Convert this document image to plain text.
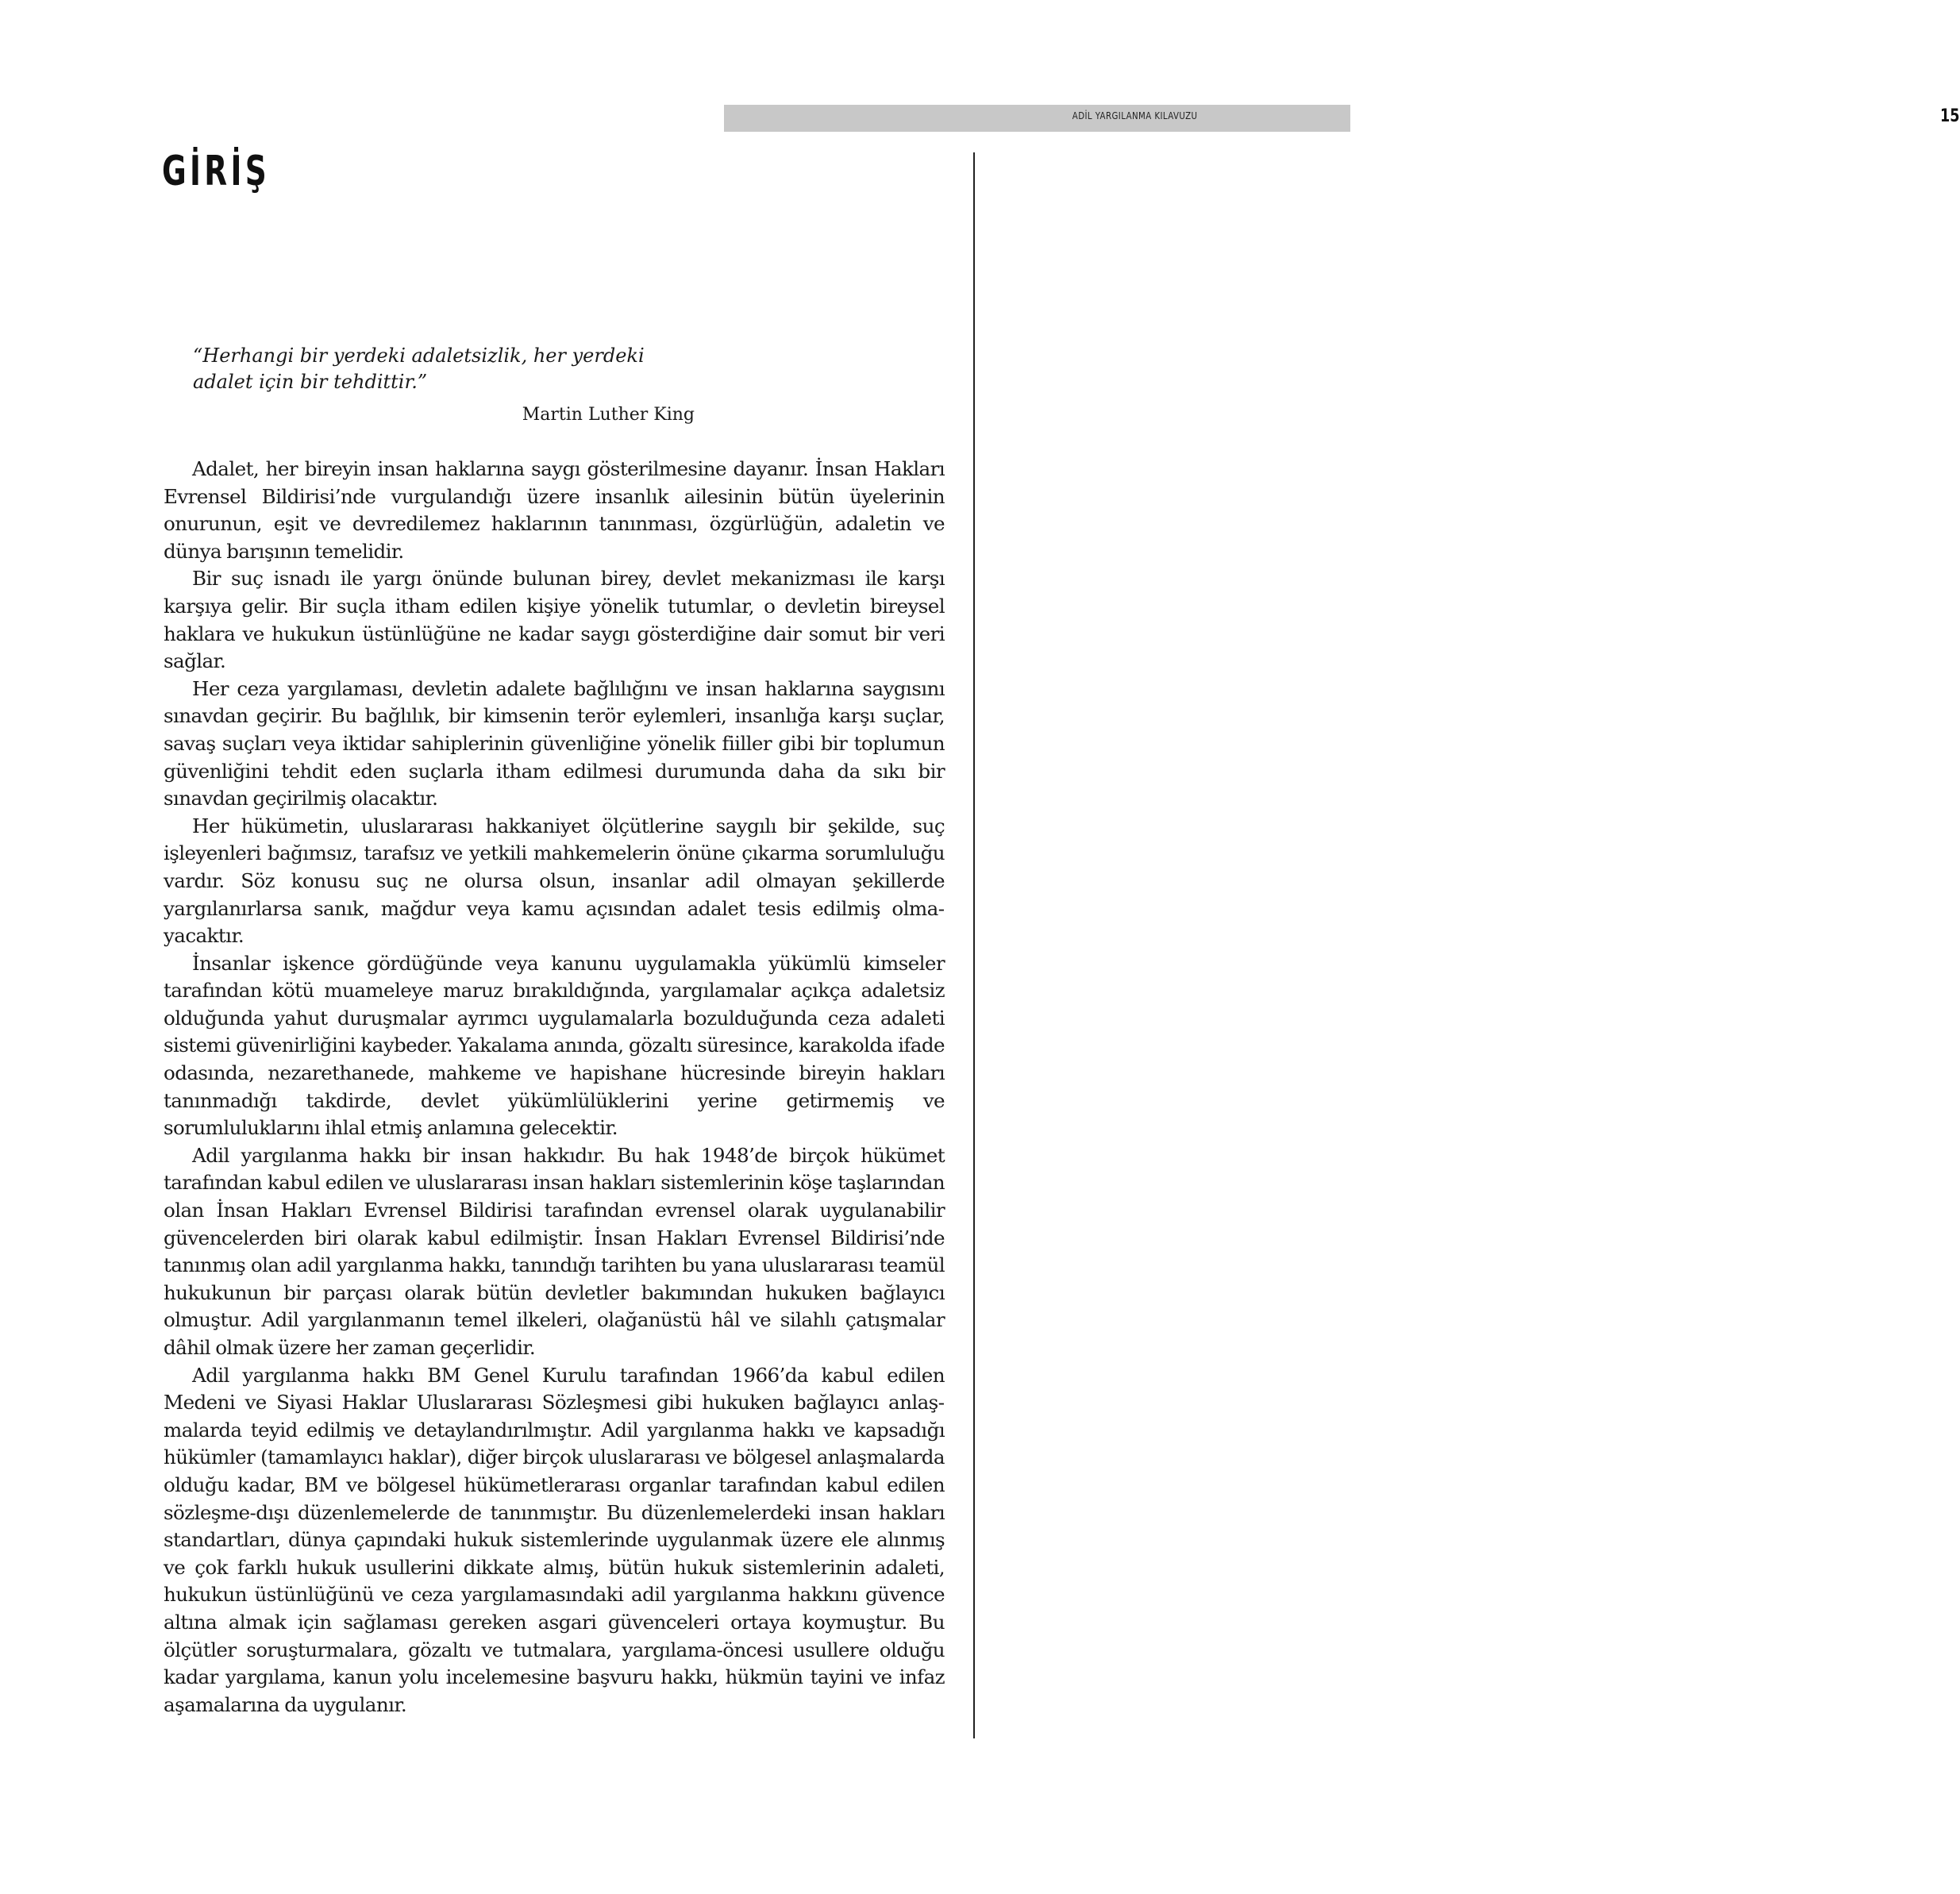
ADİL YARGILANMA KILAVUZU	15
GİRİŞ
“Herhangi bir yerdeki adaletsizlik, her yerdeki adalet için bir tehdittir.”
Martin Luther King

Adalet, her bireyin insan haklarına saygı gösterilmesine dayanır. İnsan Hakları Evrensel Bildirisi’nde vurgulandığı üzere insanlık ailesinin bütün üyelerinin onurunun, eşit ve devredilemez haklarının tanınması, özgürlüğün, adaletin ve dünya barışının temelidir.

Bir suç isnadı ile yargı önünde bulunan birey, devlet mekanizması ile karşı karşıya gelir. Bir suçla itham edilen kişiye yönelik tutumlar, o devletin bireysel haklara ve hukukun üstünlüğüne ne kadar saygı gösterdiğine dair somut bir veri sağlar.

Her ceza yargılaması, devletin adalete bağlılığını ve insan haklarına saygısını sınavdan geçirir. Bu bağlılık, bir kimsenin terör eylemleri, insanlığa karşı suçlar, savaş suçları veya iktidar sahiplerinin güvenliğine yönelik fiiller gibi bir toplumun güvenliğini tehdit eden suçlarla itham edilmesi durumunda daha da sıkı bir sınavdan geçirilmiş olacaktır.

Her hükümetin, uluslararası hakkaniyet ölçütlerine saygılı bir şekilde, suç işleyenleri bağımsız, tarafsız ve yetkili mahkemelerin önüne çıkarma sorumluluğu vardır. Söz konusu suç ne olursa olsun, insanlar adil olmayan şekillerde yargılanırlarsa sanık, mağdur veya kamu açısından adalet tesis edilmiş olmayacaktır.

İnsanlar işkence gördüğünde veya kanunu uygulamakla yükümlü kimseler tarafından kötü muameleye maruz bırakıldığında, yargılamalar açıkça adaletsiz olduğunda yahut duruşmalar ayrımcı uygulamalarla bozulduğunda ceza adaleti sistemi güvenirliğini kaybeder. Yakalama anında, gözaltı süresince, karakolda ifade odasında, nezarethanede, mahkeme ve hapishane hücresinde bireyin hakları tanınmadığı takdirde, devlet yükümlülüklerini yerine getirmemiş ve sorumluluklarını ihlal etmiş anlamına gelecektir.

Adil yargılanma hakkı bir insan hakkıdır. Bu hak 1948’de birçok hükümet tarafından kabul edilen ve uluslararası insan hakları sistemlerinin köşe taşlarından olan İnsan Hakları Evrensel Bildirisi tarafından evrensel olarak uygulanabilir güvencelerden biri olarak kabul edilmiştir. İnsan Hakları Evrensel Bildirisi’nde tanınmış olan adil yargılanma hakkı, tanındığı tarihten bu yana uluslararası teamül hukukunun bir parçası olarak bütün devletler bakımından hukuken bağlayıcı olmuştur. Adil yargılanmanın temel ilkeleri, olağanüstü hâl ve silahlı çatışmalar dâhil olmak üzere her zaman geçerlidir.

Adil yargılanma hakkı BM Genel Kurulu tarafından 1966’da kabul edilen Medeni ve Siyasi Haklar Uluslararası Sözleşmesi gibi hukuken bağlayıcı anlaşmalarda teyid edilmiş ve detaylandırılmıştır. Adil yargılanma hakkı ve kapsadığı hükümler (tamamlayıcı haklar), diğer birçok uluslararası ve bölgesel anlaşmalarda olduğu kadar, BM ve bölgesel hükümetlerarası organlar tarafından kabul edilen sözleşme-dışı düzenlemelerde de tanınmıştır. Bu düzenlemelerdeki insan hakları standartları, dünya çapındaki hukuk sistemlerinde uygulanmak üzere ele alınmış ve çok farklı hukuk usullerini dikkate almış, bütün hukuk sistemlerinin adaleti, hukukun üstünlüğünü ve ceza yargılamasındaki adil yargılanma hakkını güvence altına almak için sağlaması gereken asgari güvenceleri ortaya koymuştur. Bu ölçütler soruşturmalara, gözaltı ve tutmalara, yargılama-öncesi usullere olduğu kadar yargılama, kanun yolu incelemesine başvuru hakkı, hükmün tayini ve infaz aşamalarına da uygulanır.
